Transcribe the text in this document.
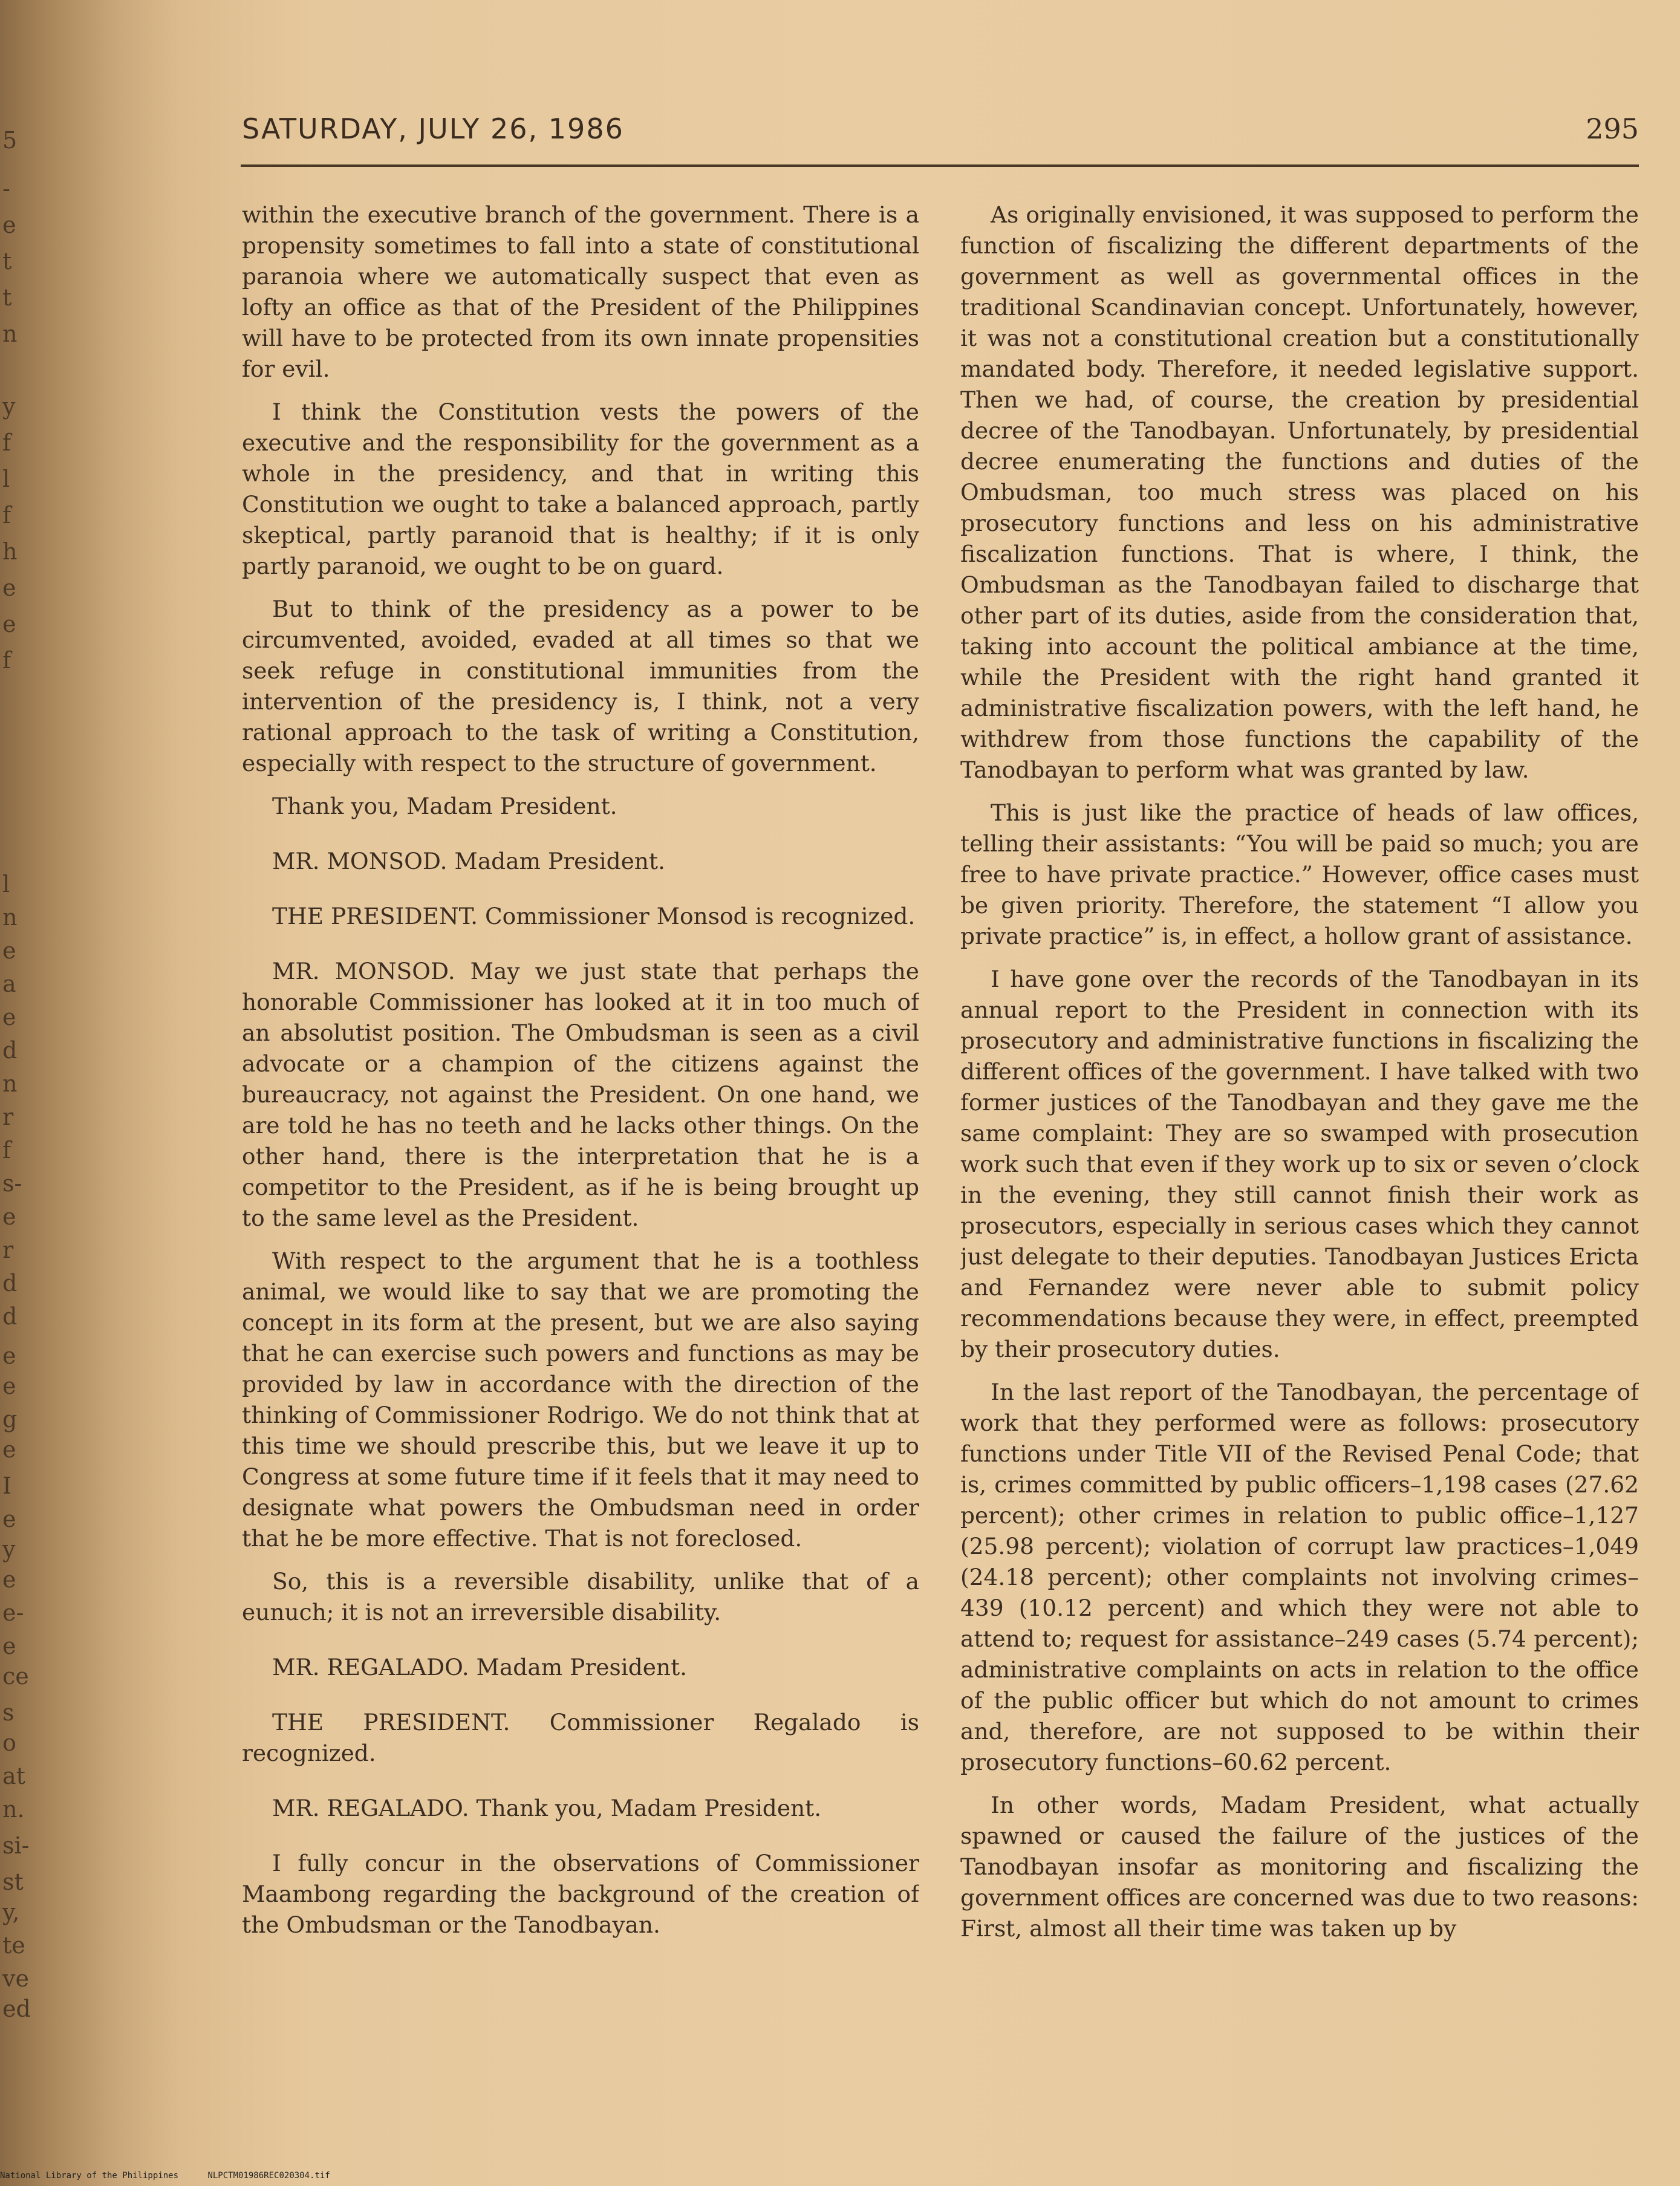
5
-
e
t
t
n
y
f
l
f
h
e
e
f
l
n
e
a
e
d
n
r
f
s-
e
r
d
d
e
e
g
e
I
e
y
e
e-
e
ce
s
o
at
n.
si-
st
y,
te
ve
ed
SATURDAY, JULY 26, 1986	295

within the executive branch of the government. There is a propensity sometimes to fall into a state of constitutional paranoia where we automatically suspect that even as lofty an office as that of the President of the Philippines will have to be protected from its own innate propensities for evil.

I think the Constitution vests the powers of the executive and the responsibility for the government as a whole in the presidency, and that in writing this Constitution we ought to take a balanced approach, partly skeptical, partly paranoid that is healthy; if it is only partly paranoid, we ought to be on guard.

But to think of the presidency as a power to be circumvented, avoided, evaded at all times so that we seek refuge in constitutional immunities from the intervention of the presidency is, I think, not a very rational approach to the task of writing a Constitution, especially with respect to the structure of government.

Thank you, Madam President.

MR. MONSOD. Madam President.

THE PRESIDENT. Commissioner Monsod is recognized.

MR. MONSOD. May we just state that perhaps the honorable Commissioner has looked at it in too much of an absolutist position. The Ombudsman is seen as a civil advocate or a champion of the citizens against the bureaucracy, not against the President. On one hand, we are told he has no teeth and he lacks other things. On the other hand, there is the interpretation that he is a competitor to the President, as if he is being brought up to the same level as the President.

With respect to the argument that he is a toothless animal, we would like to say that we are promoting the concept in its form at the present, but we are also saying that he can exercise such powers and functions as may be provided by law in accordance with the direction of the thinking of Commissioner Rodrigo. We do not think that at this time we should prescribe this, but we leave it up to Congress at some future time if it feels that it may need to designate what powers the Ombudsman need in order that he be more effective. That is not foreclosed.

So, this is a reversible disability, unlike that of a eunuch; it is not an irreversible disability.

MR. REGALADO. Madam President.

THE PRESIDENT. Commissioner Regalado is recognized.

MR. REGALADO. Thank you, Madam President.

I fully concur in the observations of Commissioner Maambong regarding the background of the creation of the Ombudsman or the Tanodbayan.

As originally envisioned, it was supposed to perform the function of fiscalizing the different departments of the government as well as governmental offices in the traditional Scandinavian concept. Unfortunately, however, it was not a constitutional creation but a constitutionally mandated body. Therefore, it needed legislative support. Then we had, of course, the creation by presidential decree of the Tanodbayan. Unfortunately, by presidential decree enumerating the functions and duties of the Ombudsman, too much stress was placed on his prosecutory functions and less on his administrative fiscalization functions. That is where, I think, the Ombudsman as the Tanodbayan failed to discharge that other part of its duties, aside from the consideration that, taking into account the political ambiance at the time, while the President with the right hand granted it administrative fiscalization powers, with the left hand, he withdrew from those functions the capability of the Tanodbayan to perform what was granted by law.

This is just like the practice of heads of law offices, telling their assistants: “You will be paid so much; you are free to have private practice.” However, office cases must be given priority. Therefore, the statement “I allow you private practice” is, in effect, a hollow grant of assistance.

I have gone over the records of the Tanodbayan in its annual report to the President in connection with its prosecutory and administrative functions in fiscalizing the different offices of the government. I have talked with two former justices of the Tanodbayan and they gave me the same complaint: They are so swamped with prosecution work such that even if they work up to six or seven o’clock in the evening, they still cannot finish their work as prosecutors, especially in serious cases which they cannot just delegate to their deputies. Tanodbayan Justices Ericta and Fernandez were never able to submit policy recommendations because they were, in effect, preempted by their prosecutory duties.

In the last report of the Tanodbayan, the percentage of work that they performed were as follows: prosecutory functions under Title VII of the Revised Penal Code; that is, crimes committed by public officers–1,198 cases (27.62 percent); other crimes in relation to public office–1,127 (25.98 percent); violation of corrupt law practices–1,049 (24.18 percent); other complaints not involving crimes–439 (10.12 percent) and which they were not able to attend to; request for assistance–249 cases (5.74 percent); administrative complaints on acts in relation to the office of the public officer but which do not amount to crimes and, therefore, are not supposed to be within their prosecutory functions–60.62 percent.

In other words, Madam President, what actually spawned or caused the failure of the justices of the Tanodbayan insofar as monitoring and fiscalizing the government offices are concerned was due to two reasons: First, almost all their time was taken up by

National Library of the Philippines	NLPCTM01986REC020304.tif
